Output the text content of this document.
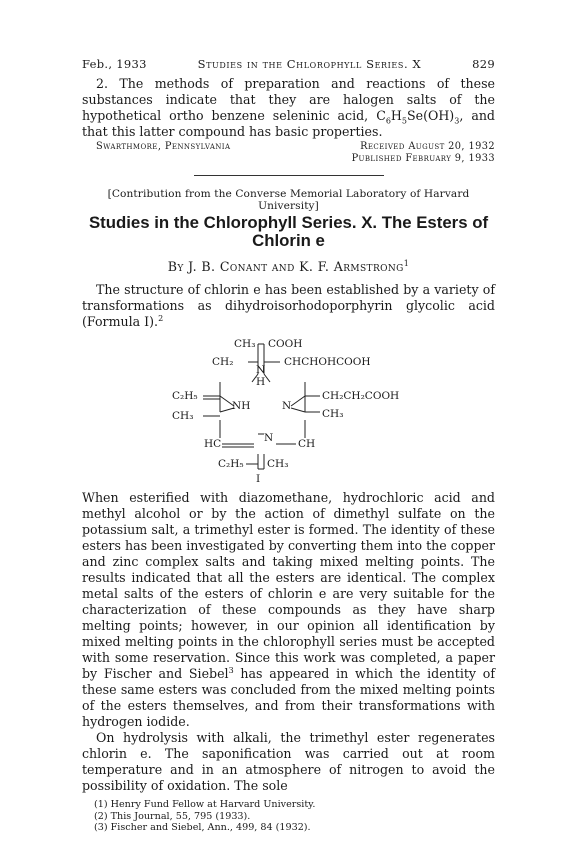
Feb., 1933	Studies in the Chlorophyll Series. X	829

2. The methods of preparation and reactions of these substances indicate that they are halogen salts of the hypothetical ortho benzene seleninic acid, $C_6H_5Se(OH)_3$, and that this latter compound has basic properties.

Swarthmore, Pennsylvania	Received August 20, 1932
Published February 9, 1933
[Contribution from the Converse Memorial Laboratory of Harvard University]
Studies in the Chlorophyll Series. X. The Esters of
Chlorin e
By J. B. Conant and K. F. Armstrong$^1$

The structure of chlorin e has been established by a variety of transformations as dihydroisorhodoporphyrin glycolic acid (Formula I).$^2$

CH₃ COOH
CH₂
N
H
CHCHOHCOOH
C₂H₅
CH₃
NH	N
CH₂CH₂COOH
CH₃
HC	N CH
C₂H₅ CH₃
I

When esterified with diazomethane, hydrochloric acid and methyl alcohol or by the action of dimethyl sulfate on the potassium salt, a trimethyl ester is formed. The identity of these esters has been investigated by converting them into the copper and zinc complex salts and taking mixed melting points. The results indicated that all the esters are identical. The complex metal salts of the esters of chlorin e are very suitable for the characterization of these compounds as they have sharp melting points; however, in our opinion all identification by mixed melting points in the chlorophyll series must be accepted with some reservation. Since this work was completed, a paper by Fischer and Siebel$^3$ has appeared in which the identity of these same esters was concluded from the mixed melting points of the esters themselves, and from their transformations with hydrogen iodide.

On hydrolysis with alkali, the trimethyl ester regenerates chlorin e. The saponification was carried out at room temperature and in an atmosphere of nitrogen to avoid the possibility of oxidation. The sole

(1) Henry Fund Fellow at Harvard University.
(2) This Journal, 55, 795 (1933).
(3) Fischer and Siebel, Ann., 499, 84 (1932).
